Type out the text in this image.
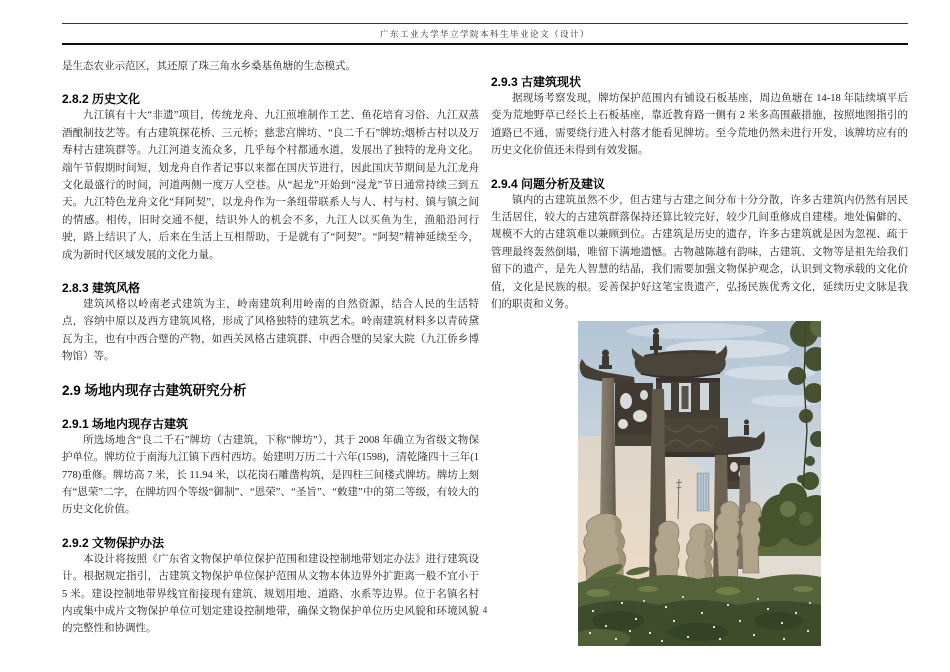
广东工业大学华立学院本科生毕业论文（设计）

是生态农业示范区，其还原了珠三角水乡桑基鱼塘的生态模式。

2.8.2 历史文化

九江镇有十大“非遗”项目，传统龙舟、九江煎堆制作工艺、鱼花培育习俗、九江双蒸酒酿制技艺等。有古建筑探花桥、三元桥；慈悲宫牌坊、“良二千石”牌坊;烟桥古村以及万寿村古建筑群等。九江河道支流众多，几乎每个村都通水道，发展出了独特的龙舟文化。端午节假期时间短，划龙舟自作者记事以来都在国庆节进行，因此国庆节期间是九江龙舟文化最盛行的时间，河道两侧一度万人空巷。从“起龙”开始到“浸龙”节日通常持续三到五天。九江特色龙舟文化“拜阿契”，以龙舟作为一条纽带联系人与人、村与村、镇与镇之间的情感。相传，旧时交通不便，结识外人的机会不多，九江人以买鱼为生，渔船沿河行驶，路上结识了人，后来在生活上互相帮助，于是就有了“阿契”。“阿契”精神延续至今，成为新时代区域发展的文化力量。

2.8.3 建筑风格

建筑风格以岭南老式建筑为主，岭南建筑利用岭南的自然资源，结合人民的生活特点，容纳中原以及西方建筑风格，形成了风格独特的建筑艺术。岭南建筑材料多以青砖黛瓦为主，也有中西合璧的产物，如西关风格古建筑群、中西合璧的吴家大院（九江侨乡博物馆）等。

2.9 场地内现存古建筑研究分析
2.9.1 场地内现存古建筑

所选场地含“良二千石”牌坊（古建筑，下称“牌坊”），其于 2008 年确立为省级文物保护单位。牌坊位于南海九江镇下西村西坊。始建明万历二十六年(1598)，清乾隆四十三年(1778)重修。牌坊高 7 米，长 11.94 米，以花岗石雕凿构筑，是四柱三间楼式牌坊。牌坊上刻有“恩荣”二字，在牌坊四个等级“御制”、“恩荣”、“圣旨”、“敕建”中的第二等级，有较大的历史文化价值。

2.9.2 文物保护办法

本设计将按照《广东省文物保护单位保护范围和建设控制地带划定办法》进行建筑设计。根据规定指引，古建筑文物保护单位保护范围从文物本体边界外扩距离一般不宜小于 5 米。建设控制地带界线宜衔接现有建筑、规划用地、道路、水系等边界。位于名镇名村内或集中成片文物保护单位可划定建设控制地带，确保文物保护单位历史风貌和环境风貌的完整性和协调性。

2.9.3 古建筑现状

据现场考察发现，牌坊保护范围内有铺设石板基座，周边鱼塘在 14-18 年陆续填平后变为荒地野草已经长上石板基座，靠近教育路一侧有 2 米多高围蔽措施，按照地图指引的道路已不通，需要绕行进入村落才能看见牌坊。至今荒地仍然未进行开发，该牌坊应有的历史文化价值还未得到有效发掘。

2.9.4 问题分析及建议

镇内的古建筑虽然不少，但古建与古建之间分布十分分散，许多古建筑内仍然有居民生活居住，较大的古建筑群落保持还算比较完好，较少几间重修成自建楼。地处偏僻的、规模不大的古建筑难以兼顾到位。古建筑是历史的遗存，许多古建筑就是因为忽视、疏于管理最终轰然倒塌，唯留下满地遗憾。古物越陈越有韵味，古建筑、文物等是祖先给我们留下的遗产，是先人智慧的结晶，我们需要加强文物保护观念，认识到文物承载的文化价值，文化是民族的根。妥善保护好这笔宝贵遗产，弘扬民族优秀文化，延续历史文脉是我们的职责和义务。

4
